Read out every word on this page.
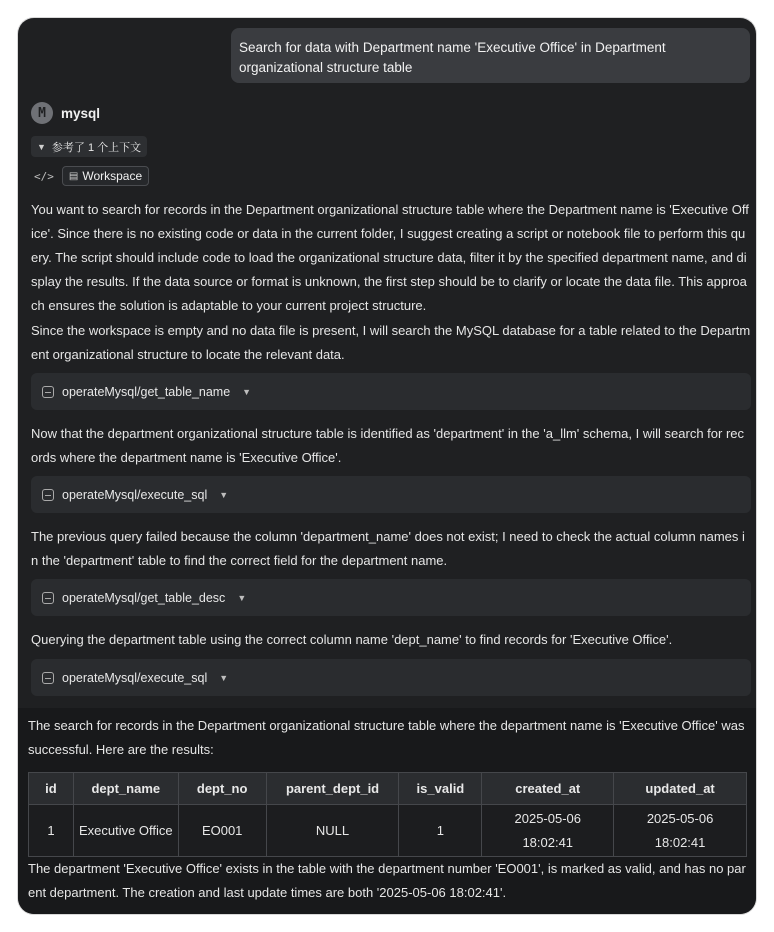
Search for data with Department name 'Executive Office' in Department organizational structure table
M mysql
▼ 参考了 1 个上下文
</> ▤ Workspace
You want to search for records in the Department organizational structure table where the Department name is 'Executive Office'. Since there is no existing code or data in the current folder, I suggest creating a script or notebook file to perform this query. The script should include code to load the organizational structure data, filter it by the specified department name, and display the results. If the data source or format is unknown, the first step should be to clarify or locate the data file. This approach ensures the solution is adaptable to your current project structure.
Since the workspace is empty and no data file is present, I will search the MySQL database for a table related to the Department organizational structure to locate the relevant data.
operateMysql/get_table_name ▼
Now that the department organizational structure table is identified as 'department' in the 'a_llm' schema, I will search for records where the department name is 'Executive Office'.
operateMysql/execute_sql ▼
The previous query failed because the column 'department_name' does not exist; I need to check the actual column names in the 'department' table to find the correct field for the department name.
operateMysql/get_table_desc ▼
Querying the department table using the correct column name 'dept_name' to find records for 'Executive Office'.
operateMysql/execute_sql ▼
The search for records in the Department organizational structure table where the department name is 'Executive Office' was successful. Here are the results:
id	dept_name	dept_no	parent_dept_id	is_valid	created_at	updated_at
1	Executive Office	EO001	NULL	1	2025-05-06 18:02:41	2025-05-06 18:02:41
The department 'Executive Office' exists in the table with the department number 'EO001', is marked as valid, and has no parent department. The creation and last update times are both '2025-05-06 18:02:41'.
